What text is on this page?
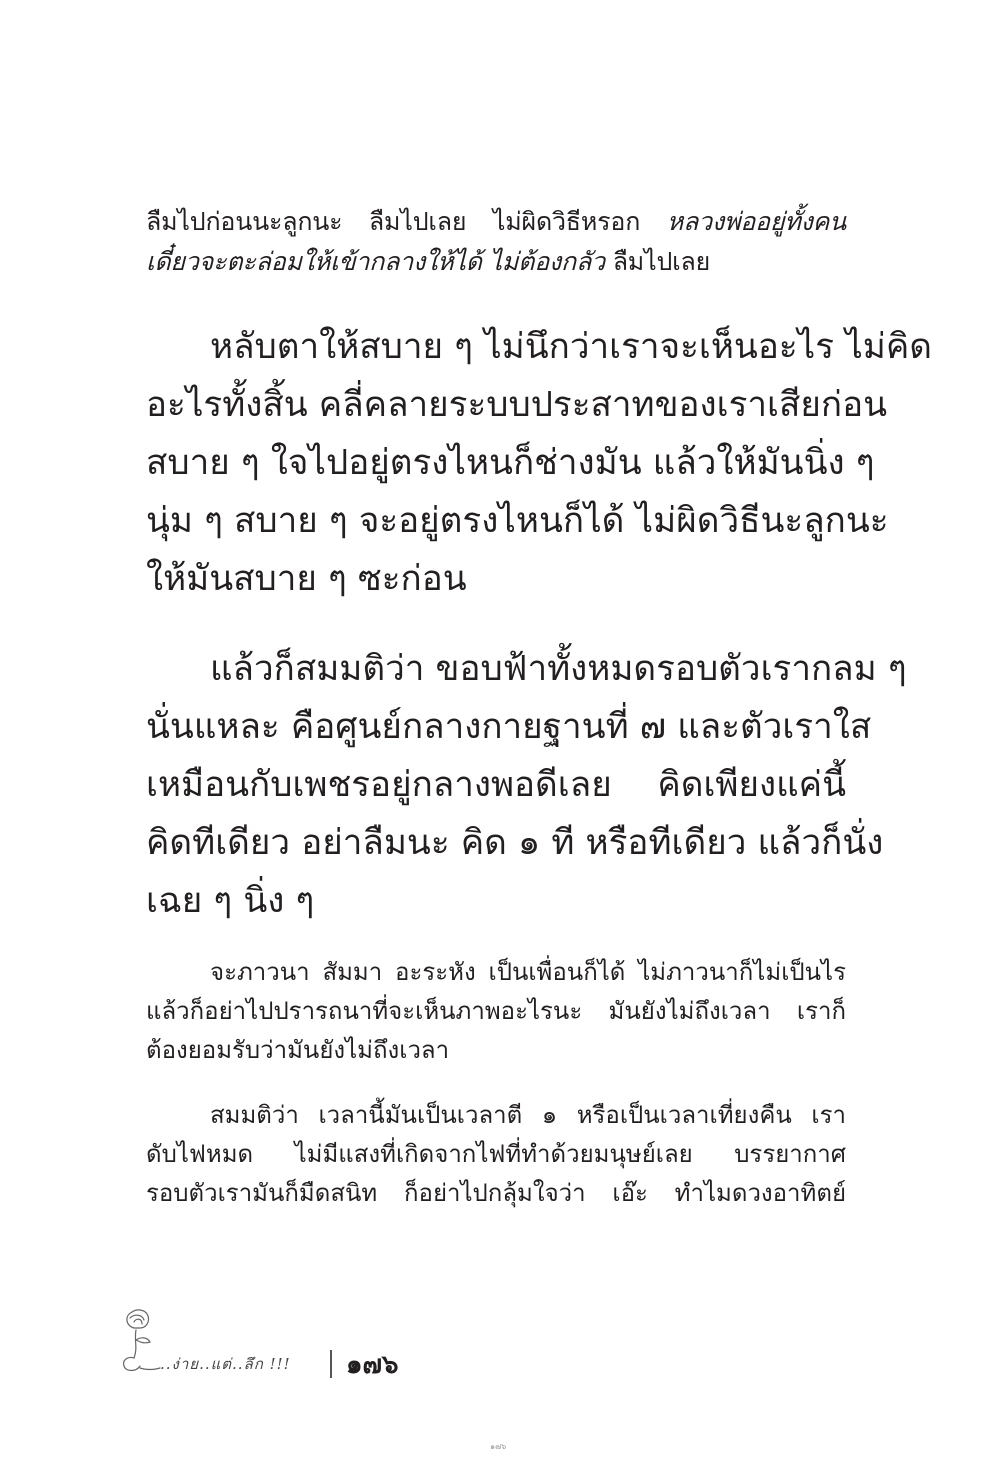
ลืมไปก่อนนะลูกนะ ลืมไปเลย ไม่ผิดวิธีหรอก หลวงพ่ออยู่ทั้งคน
เดี๋ยวจะตะล่อมให้เข้ากลางให้ได้ ไม่ต้องกลัว ลืมไปเลย
หลับตาให้สบาย ๆ ไม่นึกว่าเราจะเห็นอะไร ไม่คิด
อะไรทั้งสิ้น คลี่คลายระบบประสาทของเราเสียก่อน
สบาย ๆ ใจไปอยู่ตรงไหนก็ช่างมัน แล้วให้มันนิ่ง ๆ
นุ่ม ๆ สบาย ๆ จะอยู่ตรงไหนก็ได้ ไม่ผิดวิธีนะลูกนะ
ให้มันสบาย ๆ ซะก่อน
แล้วก็สมมติว่า ขอบฟ้าทั้งหมดรอบตัวเรากลม ๆ
นั่นแหละ คือศูนย์กลางกายฐานที่ ๗ และตัวเราใส
เหมือนกับเพชรอยู่กลางพอดีเลย คิดเพียงแค่นี้
คิดทีเดียว อย่าลืมนะ คิด ๑ ที หรือทีเดียว แล้วก็นั่ง
เฉย ๆ นิ่ง ๆ
จะภาวนา สัมมา อะระหัง เป็นเพื่อนก็ได้ ไม่ภาวนาก็ไม่เป็นไร
แล้วก็อย่าไปปรารถนาที่จะเห็นภาพอะไรนะ มันยังไม่ถึงเวลา เราก็
ต้องยอมรับว่ามันยังไม่ถึงเวลา
สมมติว่า เวลานี้มันเป็นเวลาตี ๑ หรือเป็นเวลาเที่ยงคืน เรา
ดับไฟหมด ไม่มีแสงที่เกิดจากไฟที่ทำด้วยมนุษย์เลย บรรยากาศ
รอบตัวเรามันก็มืดสนิท ก็อย่าไปกลุ้มใจว่า เอ๊ะ ทำไมดวงอาทิตย์
..ง่าย..แต่..ลึก !!! ๑๗๖
๑๗๖
